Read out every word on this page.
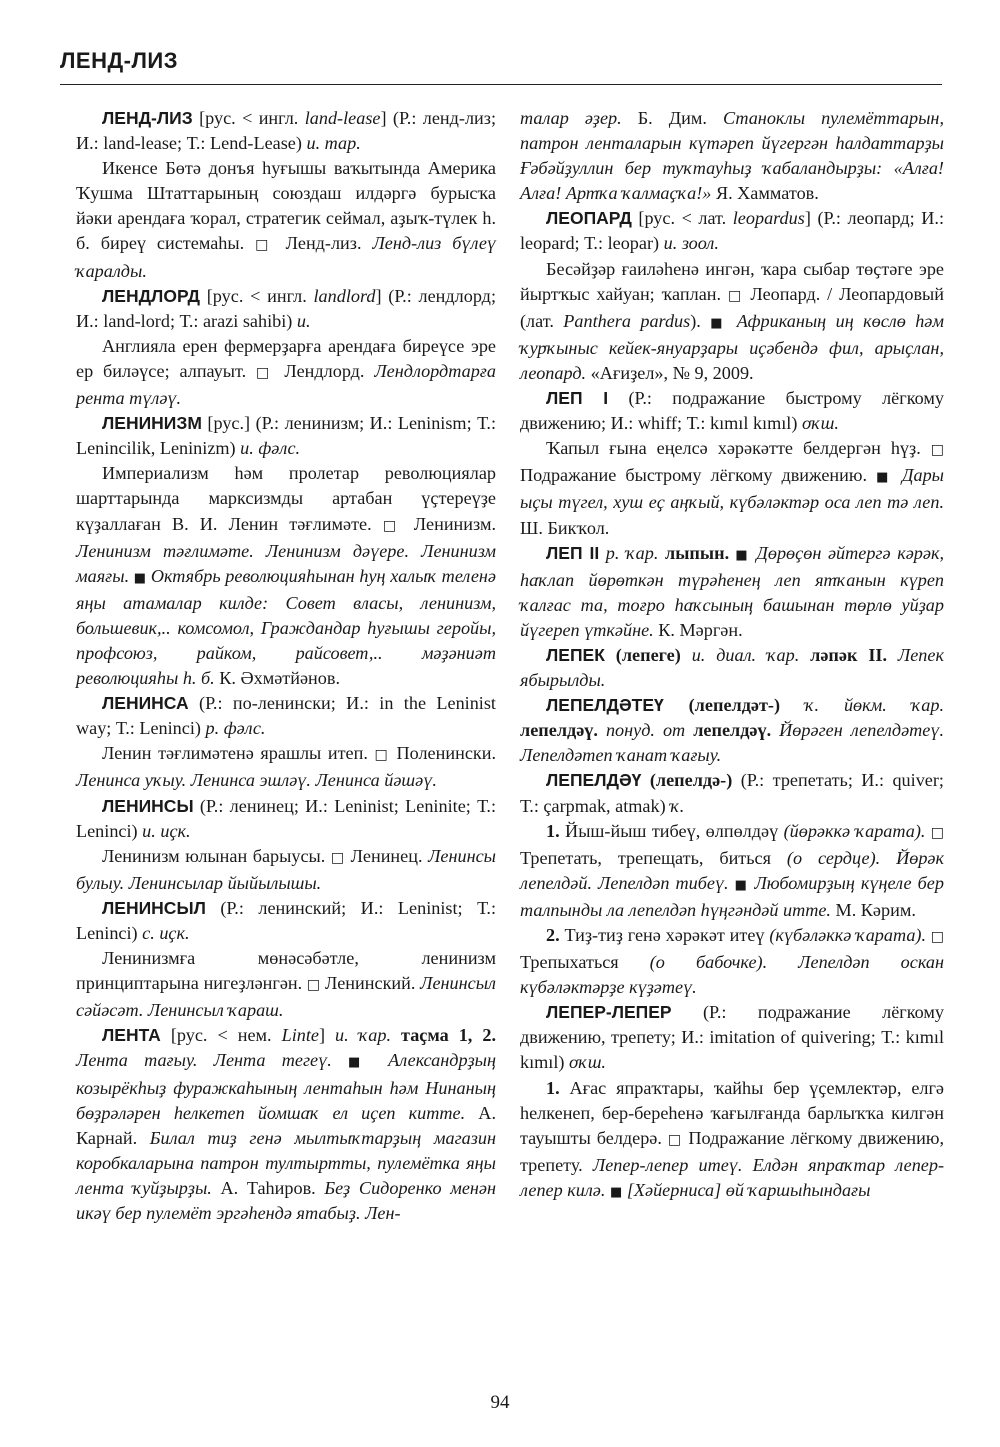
ЛЕНД-ЛИЗ

ЛЕНД-ЛИЗ [рус. < ингл. land-lease] (Р.: ленд-лиз; И.: land-lease; Т.: Lend-Lease) и. тар.

Икенсе Бөтә донъя һуғышы ваҡытында Америка Ҡушма Штаттарының союздаш илдәргә бурысҡа йәки арендаға ҡорал, стратегик сеймал, аҙыҡ-түлек һ. б. биреү системаһы. □ Ленд-лиз. Ленд-лиз бүлеү ҡаралды.

ЛЕНДЛОРД [рус. < ингл. landlord] (Р.: лендлорд; И.: land-lord; Т.: arazi sahibi) и.

Англияла ерен фермерҙарға арендаға биреүсе эре ер биләүсе; алпауыт. □ Лендлорд. Лендлордтарға рента түләү.

ЛЕНИНИЗМ [рус.] (Р.: ленинизм; И.: Leninism; Т.: Lenincilik, Leninizm) и. фәлс.

Империализм һәм пролетар революциялар шарттарында марксизмды артабан үҫтереүҙе күҙаллаған В. И. Ленин тәғлимәте. □ Ленинизм. Ленинизм тәғлимәте. Ленинизм дәүере. Ленинизм маяғы. ■ Октябрь революцияһынан һуң халыҡ теленә яңы атамалар килде: Совет власы, ленинизм, большевик,.. комсомол, Граждандар һуғышы геройы, профсоюз, райком, райсовет,.. мәҙәниәт революцияһы һ. б. К. Әхмәтйәнов.

ЛЕНИНСА (Р.: по-ленински; И.: in the Leninist way; Т.: Lenincі) р. фәлс.

Ленин тәғлимәтенә ярашлы итеп. □ Поленински. Ленинса уҡыу. Ленинса эшләү. Ленинса йәшәү.

ЛЕНИНСЫ (Р.: ленинец; И.: Leninist; Leninite; Т.: Lenincі) и. иҫк.

Ленинизм юлынан барыусы. □ Ленинец. Ленинсы булыу. Ленинсылар йыйылышы.

ЛЕНИНСЫЛ (Р.: ленинский; И.: Leninist; Т.: Lenincі) с. иҫк.

Ленинизмға мөнәсәбәтле, ленинизм принциптарына нигеҙләнгән. □ Ленинский. Ленинсыл сәйәсәт. Ленинсыл ҡараш.

ЛЕНТА [рус. < нем. Linte] и. ҡар. таҫма 1, 2. Лента тағыу. Лента тегеү. ■ Александрҙың козырёкһыҙ фуражкаһының лентаһын һәм Нинаның бөҙрәләрен һелкетеп йомшаҡ ел иҫеп китте. А. Карнай. Билал тиҙ генә мылтыҡтарҙың магазин коробкаларына патрон тултыртты, пулемётка яңы лента ҡуйҙырҙы. А. Таһиров. Беҙ Сидоренко менән икәү бер пулемёт эргәһендә ятабыҙ. Лен-

талар әҙер. Б. Дим. Станоклы пулемёттарын, патрон ленталарын күтәреп йүгергән һалдаттарҙы Ғәбәйҙуллин бер туҡтауһыҙ ҡабаландырҙы: «Алға! Алға! Артҡа ҡалмаҫҡа!» Я. Хамматов.

ЛЕОПАРД [рус. < лат. leopardus] (Р.: леопард; И.: leopard; Т.: leopar) и. зоол.

Бесәйҙәр ғаиләһенә ингән, ҡара сыбар төҫтәге эре йыртҡыс хайуан; ҡаплан. □ Леопард. / Леопардовый (лат. Panthera pardus). ■ Африканың иң көслө һәм ҡурҡыныс кейек-януарҙары иҫәбендә фил, арыҫлан, леопард. «Ағиҙел», № 9, 2009.

ЛЕП I (Р.: подражание быстрому лёгкому движению; И.: whiff; Т.: kımıl kımıl) оҡш.

Ҡапыл ғына еңелсә хәрәкәтте белдергән һүҙ. □ Подражание быстрому лёгкому движению. ■ Дары ыҫы түгел, хуш еҫ аңҡый, күбәләктәр оса леп тә леп. Ш. Бикҡол.

ЛЕП II р. ҡар. лыпын. ■ Дөрөҫөн әйтергә кәрәк, һаҡлап йөрөткән түрәһенең леп ятҡанын күреп ҡалғас та, тоғро һаҡсының башынан төрлө уйҙар йүгереп үткәйне. К. Мәргән.

ЛЕПЕК (лепеге) и. диал. ҡар. ләпәк II. Лепек ябырылды.

ЛЕПЕЛДӘТЕҮ (лепелдәт-) ҡ. йөкм. ҡар. лепелдәү. понуд. от лепелдәү. Йөрәген лепелдәтеү. Лепелдәтеп ҡанат ҡағыу.

ЛЕПЕЛДӘҮ (лепелдә-) (Р.: трепетать; И.: quiver; Т.: çarpmak, atmak) ҡ.

1. Йыш-йыш тибеү, өлпөлдәү (йөрәккә ҡарата). □ Трепетать, трепещать, биться (о сердце). Йөрәк лепелдәй. Лепелдәп тибеү. ■ Любомирҙың күңеле бер талпынды ла лепелдәп һүңгәндәй итте. М. Кәрим.

2. Тиҙ-тиҙ генә хәрәкәт итеү (күбәләккә ҡарата). □ Трепыхаться (о бабочке). Лепелдәп оскан күбәләктәрҙе күҙәтеү.

ЛЕПЕР-ЛЕПЕР (Р.: подражание лёгкому движению, трепету; И.: imitation of quivering; Т.: kımıl kımıl) оҡш.

1. Ағас япраҡтары, ҡайһы бер үҫемлектәр, елгә һелкенеп, бер-береһенә ҡағылғанда барлыҡҡа килгән тауышты белдерә. □ Подражание лёгкому движению, трепету. Лепер-лепер итеү. Елдән япраҡтар лепер-лепер килә. ■ [Хәйерниса] өй ҡаршыһындағы

94
